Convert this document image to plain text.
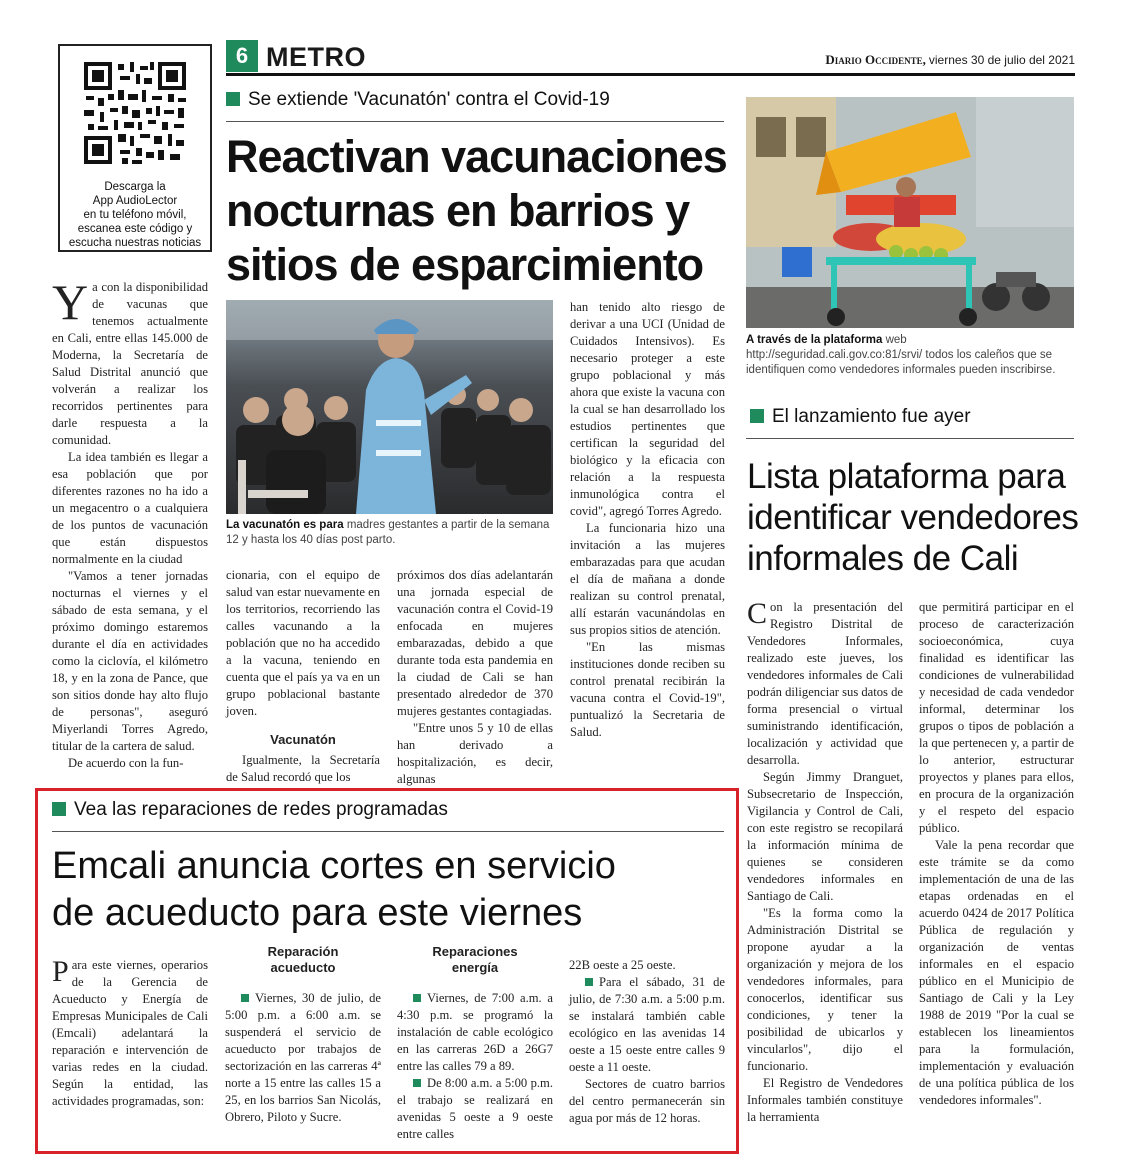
6 METRO	Diario Occidente, viernes 30 de julio del 2021
Descarga la
App AudioLector
en tu teléfono móvil,
escanea este código y
escucha nuestras noticias
Se extiende 'Vacunatón' contra el Covid-19
Reactivan vacunaciones
nocturnas en barrios y
sitios de esparcimiento
La vacunatón es para madres gestantes a partir de la semana 12 y hasta los 40 días post parto.

Ya con la disponibilidad de vacunas que tenemos actualmente en Cali, entre ellas 145.000 de Moderna, la Secretaría de Salud Distrital anunció que volverán a realizar los recorridos pertinentes para darle respuesta a la comunidad.

La idea también es llegar a esa población que por diferentes razones no ha ido a un megacentro o a cualquiera de los puntos de vacunación que están dispuestos normalmente en la ciudad

"Vamos a tener jornadas nocturnas el viernes y el sábado de esta semana, y el próximo domingo estaremos durante el día en actividades como la ciclovía, el kilómetro 18, y en la zona de Pance, que son sitios donde hay alto flujo de personas", aseguró Miyerlandi Torres Agredo, titular de la cartera de salud.

De acuerdo con la fun-

cionaria, con el equipo de salud van estar nuevamente en los territorios, recorriendo las calles vacunando a la población que no ha accedido a la vacuna, teniendo en cuenta que el país ya va en un grupo poblacional bastante joven.

Vacunatón

Igualmente, la Secretaría de Salud recordó que los

próximos dos días adelantarán una jornada especial de vacunación contra el Covid-19 enfocada en mujeres embarazadas, debido a que durante toda esta pandemia en la ciudad de Cali se han presentado alrededor de 370 mujeres gestantes contagiadas.

"Entre unos 5 y 10 de ellas han derivado a hospitalización, es decir, algunas

han tenido alto riesgo de derivar a una UCI (Unidad de Cuidados Intensivos). Es necesario proteger a este grupo poblacional y más ahora que existe la vacuna con la cual se han desarrollado los estudios pertinentes que certifican la seguridad del biológico y la eficacia con relación a la respuesta inmunológica contra el covid", agregó Torres Agredo.

La funcionaria hizo una invitación a las mujeres embarazadas para que acudan el día de mañana a donde realizan su control prenatal, allí estarán vacunándolas en sus propios sitios de atención.

"En las mismas instituciones donde reciben su control prenatal recibirán la vacuna contra el Covid-19", puntualizó la Secretaria de Salud.

A través de la plataforma web http://seguridad.cali.gov.co:81/srvi/ todos los caleños que se identifiquen como vendedores informales pueden inscribirse.
El lanzamiento fue ayer
Lista plataforma para
identificar vendedores
informales de Cali

Con la presentación del Registro Distrital de Vendedores Informales, realizado este jueves, los vendedores informales de Cali podrán diligenciar sus datos de forma presencial o virtual suministrando identificación, localización y actividad que desarrolla.

Según Jimmy Dranguet, Subsecretario de Inspección, Vigilancia y Control de Cali, con este registro se recopilará la información mínima de quienes se consideren vendedores informales en Santiago de Cali.

"Es la forma como la Administración Distrital se propone ayudar a la organización y mejora de los vendedores informales, para conocerlos, identificar sus condiciones, y tener la posibilidad de ubicarlos y vincularlos", dijo el funcionario.

El Registro de Vendedores Informales también constituye la herramienta

que permitirá participar en el proceso de caracterización socioeconómica, cuya finalidad es identificar las condiciones de vulnerabilidad y necesidad de cada vendedor informal, determinar los grupos o tipos de población a la que pertenecen y, a partir de lo anterior, estructurar proyectos y planes para ellos, en procura de la organización y el respeto del espacio público.

Vale la pena recordar que este trámite se da como implementación de una de las etapas ordenadas en el acuerdo 0424 de 2017 Política Pública de regulación y organización de ventas informales en el espacio público en el Municipio de Santiago de Cali y la Ley 1988 de 2019 "Por la cual se establecen los lineamientos para la formulación, implementación y evaluación de una política pública de los vendedores informales".

Vea las reparaciones de redes programadas
Emcali anuncia cortes en servicio
de acueducto para este viernes

Para este viernes, operarios de la Gerencia de Acueducto y Energía de Empresas Municipales de Cali (Emcali) adelantará la reparación e intervención de varias redes en la ciudad. Según la entidad, las actividades programadas, son:

Reparación
acueducto

Viernes, 30 de julio, de 5:00 p.m. a 6:00 a.m. se suspenderá el servicio de acueducto por trabajos de sectorización en las carreras 4ª norte a 15 entre las calles 15 a 25, en los barrios San Nicolás, Obrero, Piloto y Sucre.

Reparaciones
energía

Viernes, de 7:00 a.m. a 4:30 p.m. se programó la instalación de cable ecológico en las carreras 26D a 26G7 entre las calles 79 a 89.

De 8:00 a.m. a 5:00 p.m. el trabajo se realizará en avenidas 5 oeste a 9 oeste entre calles

22B oeste a 25 oeste.

Para el sábado, 31 de julio, de 7:30 a.m. a 5:00 p.m. se instalará también cable ecológico en las avenidas 14 oeste a 15 oeste entre calles 9 oeste a 11 oeste.

Sectores de cuatro barrios del centro permanecerán sin agua por más de 12 horas.
